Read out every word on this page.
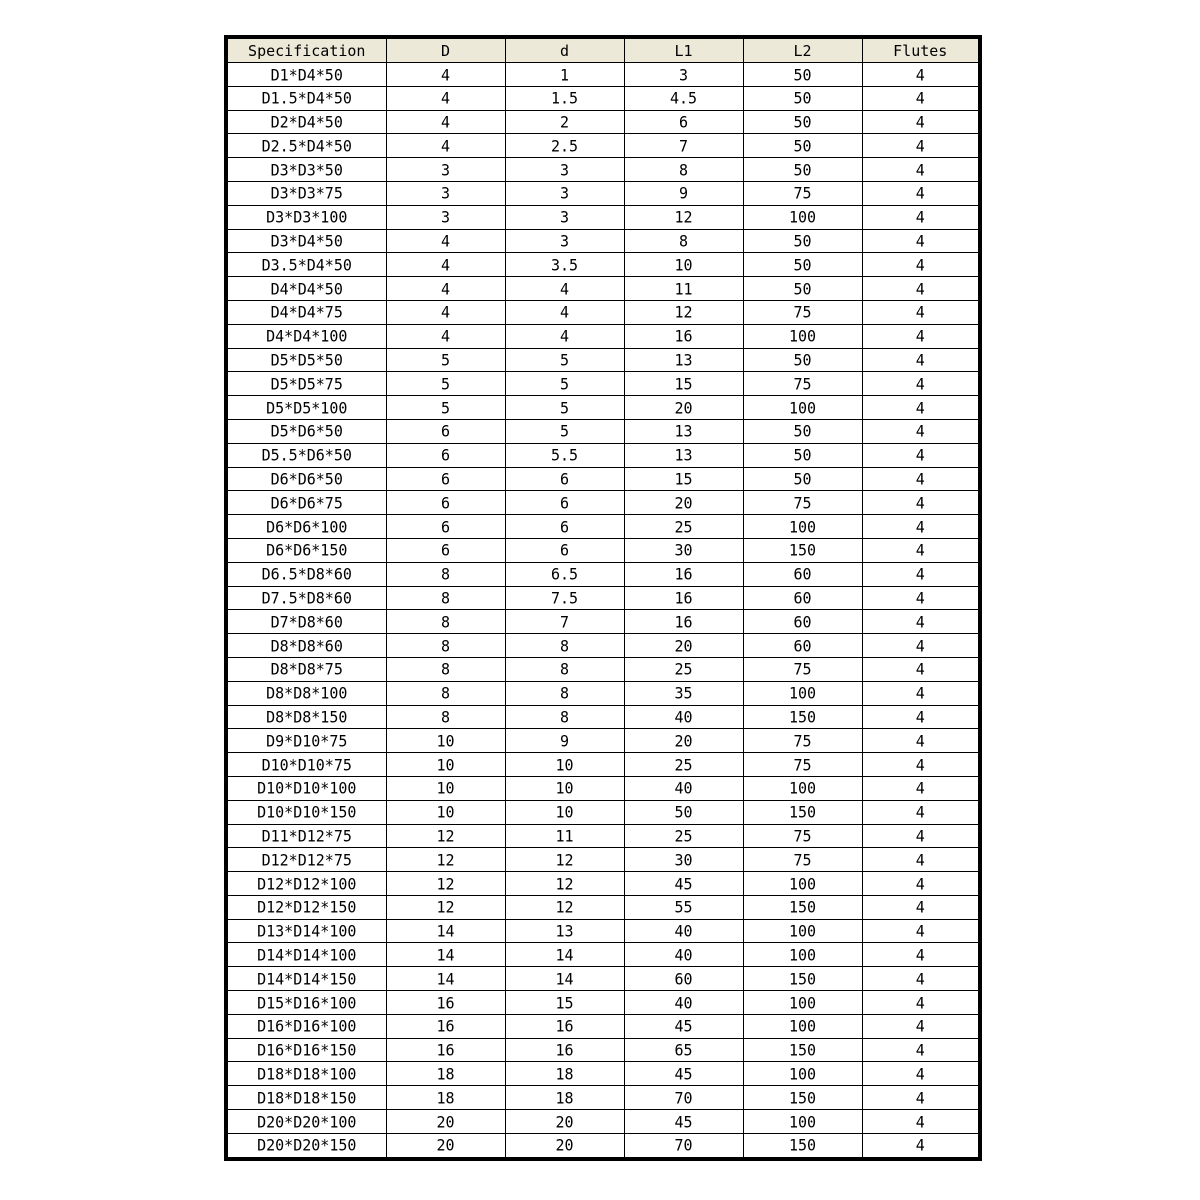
Specification	D	d	L1	L2	Flutes
D1*D4*50	4	1	3	50	4
D1.5*D4*50	4	1.5	4.5	50	4
D2*D4*50	4	2	6	50	4
D2.5*D4*50	4	2.5	7	50	4
D3*D3*50	3	3	8	50	4
D3*D3*75	3	3	9	75	4
D3*D3*100	3	3	12	100	4
D3*D4*50	4	3	8	50	4
D3.5*D4*50	4	3.5	10	50	4
D4*D4*50	4	4	11	50	4
D4*D4*75	4	4	12	75	4
D4*D4*100	4	4	16	100	4
D5*D5*50	5	5	13	50	4
D5*D5*75	5	5	15	75	4
D5*D5*100	5	5	20	100	4
D5*D6*50	6	5	13	50	4
D5.5*D6*50	6	5.5	13	50	4
D6*D6*50	6	6	15	50	4
D6*D6*75	6	6	20	75	4
D6*D6*100	6	6	25	100	4
D6*D6*150	6	6	30	150	4
D6.5*D8*60	8	6.5	16	60	4
D7.5*D8*60	8	7.5	16	60	4
D7*D8*60	8	7	16	60	4
D8*D8*60	8	8	20	60	4
D8*D8*75	8	8	25	75	4
D8*D8*100	8	8	35	100	4
D8*D8*150	8	8	40	150	4
D9*D10*75	10	9	20	75	4
D10*D10*75	10	10	25	75	4
D10*D10*100	10	10	40	100	4
D10*D10*150	10	10	50	150	4
D11*D12*75	12	11	25	75	4
D12*D12*75	12	12	30	75	4
D12*D12*100	12	12	45	100	4
D12*D12*150	12	12	55	150	4
D13*D14*100	14	13	40	100	4
D14*D14*100	14	14	40	100	4
D14*D14*150	14	14	60	150	4
D15*D16*100	16	15	40	100	4
D16*D16*100	16	16	45	100	4
D16*D16*150	16	16	65	150	4
D18*D18*100	18	18	45	100	4
D18*D18*150	18	18	70	150	4
D20*D20*100	20	20	45	100	4
D20*D20*150	20	20	70	150	4
